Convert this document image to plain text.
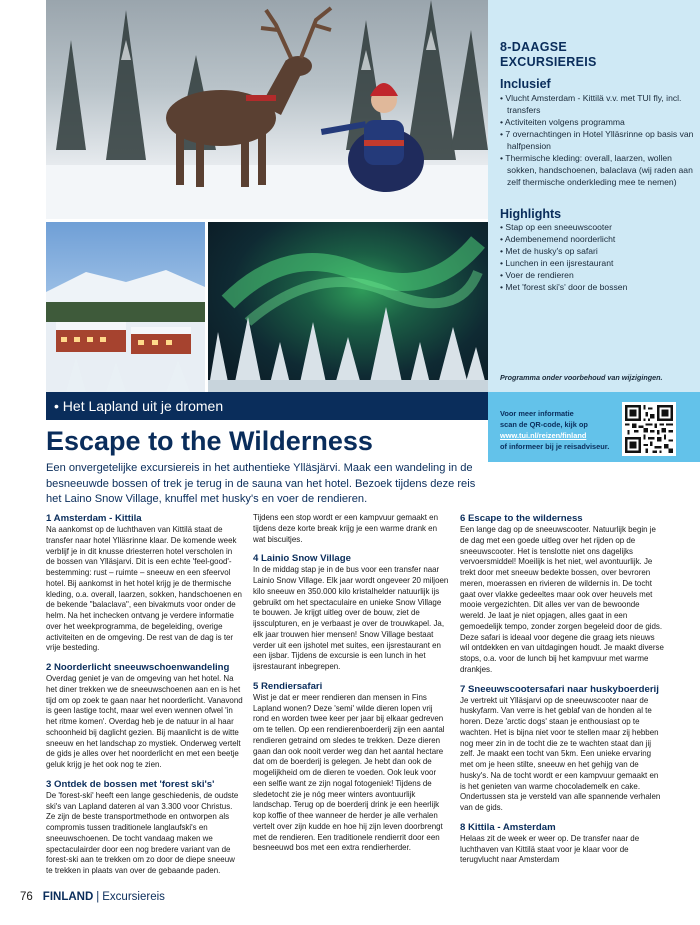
8-DAAGSE
EXCURSIEREIS
Inclusief
• Vlucht Amsterdam - Kittilä v.v. met TUI fly, incl. transfers
• Activiteiten volgens programma
• 7 overnachtingen in Hotel Ylläsrinne op basis van halfpension
• Thermische kleding: overall, laarzen, wollen sokken, handschoenen, balaclava (wij raden aan zelf thermische onderkleding mee te nemen)
Highlights
• Stap op een sneeuwscooter
• Adembenemend noorderlicht
• Met de husky's op safari
• Lunchen in een ijsrestaurant
• Voer de rendieren
• Met 'forest ski's' door de bossen
Programma onder voorbehoud van wijzigingen.
• Het Lapland uit je dromen	Voor meer informatie
scan de QR-code, kijk op
www.tui.nl/reizen/finland
of informeer bij je reisadviseur.
Escape to the Wilderness
Een onvergetelijke excursiereis in het authentieke Ylläsjärvi. Maak een wandeling in de besneeuwde bossen of trek je terug in de sauna van het hotel. Bezoek tijdens deze reis het Laino Snow Village, knuffel met husky's en voer de rendieren.
1 Amsterdam - Kittila
Na aankomst op de luchthaven van Kittilä staat de transfer naar hotel Ylläsrinne klaar. De komende week verblijf je in dit knusse driesterren hotel verscholen in de bossen van Ylläsjarvi. Dit is een echte 'feel-good'-bestemming: rust – ruimte – sneeuw en een sfeervol hotel. Bij aankomst in het hotel krijg je de thermische kleding, o.a. overall, laarzen, sokken, handschoenen en de bekende "balaclava", een bivakmuts voor onder de helm. Na het inchecken ontvang je verdere informatie over het weekprogramma, de begeleiding, overige activiteiten en de omgeving. De rest van de dag is ter vrije besteding.
2 Noorderlicht sneeuwschoenwandeling
Overdag geniet je van de omgeving van het hotel. Na het diner trekken we de sneeuwschoenen aan en is het tijd om op zoek te gaan naar het noorderlicht. Vanavond is geen lastige tocht, maar wel even wennen ofwel 'in het ritme komen'. Overdag heb je de natuur in al haar schoonheid bij daglicht gezien. Bij maanlicht is de witte sneeuw en het landschap zo mystiek. Onderweg vertelt de gids je alles over het noorderlicht en met een beetje geluk krijg je het ook nog te zien.
3 Ontdek de bossen met 'forest ski's'
De 'forest-ski' heeft een lange geschiedenis, de oudste ski's van Lapland dateren al van 3.300 voor Christus. Ze zijn de beste transportmethode en ontworpen als compromis tussen traditionele langlaufski's en sneeuwschoenen. De tocht vandaag maken we spectaculairder door een nog bredere variant van de forest-ski aan te trekken om zo door de diepe sneeuw te trekken in plaats van over de gebaande paden.
Tijdens een stop wordt er een kampvuur gemaakt en tijdens deze korte break krijg je een warme drank en wat biscuitjes.
4 Lainio Snow Village
In de middag stap je in de bus voor een transfer naar Lainio Snow Village. Elk jaar wordt ongeveer 20 miljoen kilo sneeuw en 350.000 kilo kristalhelder natuurlijk ijs gebruikt om het spectaculaire en unieke Snow Village te bouwen. Je krijgt uitleg over de bouw, ziet de ijssculpturen, en je verbaast je over de trouwkapel. Ja, elk jaar trouwen hier mensen! Snow Village bestaat verder uit een ijshotel met suites, een ijsrestaurant en een ijsbar. Tijdens de excursie is een lunch in het ijsrestaurant inbegrepen.
5 Rendiersafari
Wist je dat er meer rendieren dan mensen in Fins Lapland wonen? Deze 'semi' wilde dieren lopen vrij rond en worden twee keer per jaar bij elkaar gedreven om te tellen. Op een rendierenboerderij zijn een aantal rendieren getraind om sledes te trekken. Deze dieren gaan dan ook nooit verder weg dan het aantal hectare dat om de boerderij is gelegen. Je hebt dan ook de mogelijkheid om de dieren te voeden. Ook leuk voor een selfie want ze zijn nogal fotogeniek! Tijdens de sledetocht zie je nóg meer winters avontuurlijk landschap. Terug op de boerderij drink je een heerlijk kop koffie of thee wanneer de herder je alle verhalen vertelt over zijn kudde en hoe hij zijn leven doorbrengt met de rendieren. Een traditionele rendierrit door een besneeuwd bos met een extra rendierherder.
6 Escape to the wilderness
Een lange dag op de sneeuwscooter. Natuurlijk begin je de dag met een goede uitleg over het rijden op de sneeuwscooter. Het is tenslotte niet ons dagelijks vervoersmiddel! Moeilijk is het niet, wel avontuurlijk. Je trekt door met sneeuw bedekte bossen, over bevroren meren, moerassen en rivieren de wildernis in. De tocht gaat over vlakke gedeeltes maar ook over heuvels met mooie vergezichten. Dit alles ver van de bewoonde wereld. Je laat je niet opjagen, alles gaat in een gemoedelijk tempo, zonder zorgen begeleid door de gids. Deze safari is ideaal voor degene die graag iets nieuws wil ontdekken en van uitdagingen houdt. Je maakt diverse stops, o.a. voor de lunch bij het kampvuur met warme drankjes.
7 Sneeuwscootersafari naar huskyboerderij
Je vertrekt uit Ylläsjarvi op de sneeuwscooter naar de huskyfarm. Van verre is het geblaf van de honden al te horen. Deze 'arctic dogs' staan je enthousiast op te wachten. Het is bijna niet voor te stellen maar zij hebben nog meer zin in de tocht die ze te wachten staat dan jij zelf. Je maakt een tocht van 5km. Een unieke ervaring met om je heen stilte, sneeuw en het gehijg van de husky's. Na de tocht wordt er een kampvuur gemaakt en is het genieten van warme chocolademelk en cake. Ondertussen sta je versteld van alle spannende verhalen van de gids.
8 Kittila - Amsterdam
Helaas zit de week er weer op. De transfer naar de luchthaven van Kittilä staat voor je klaar voor de terugvlucht naar Amsterdam
76 FINLAND | Excursiereis
